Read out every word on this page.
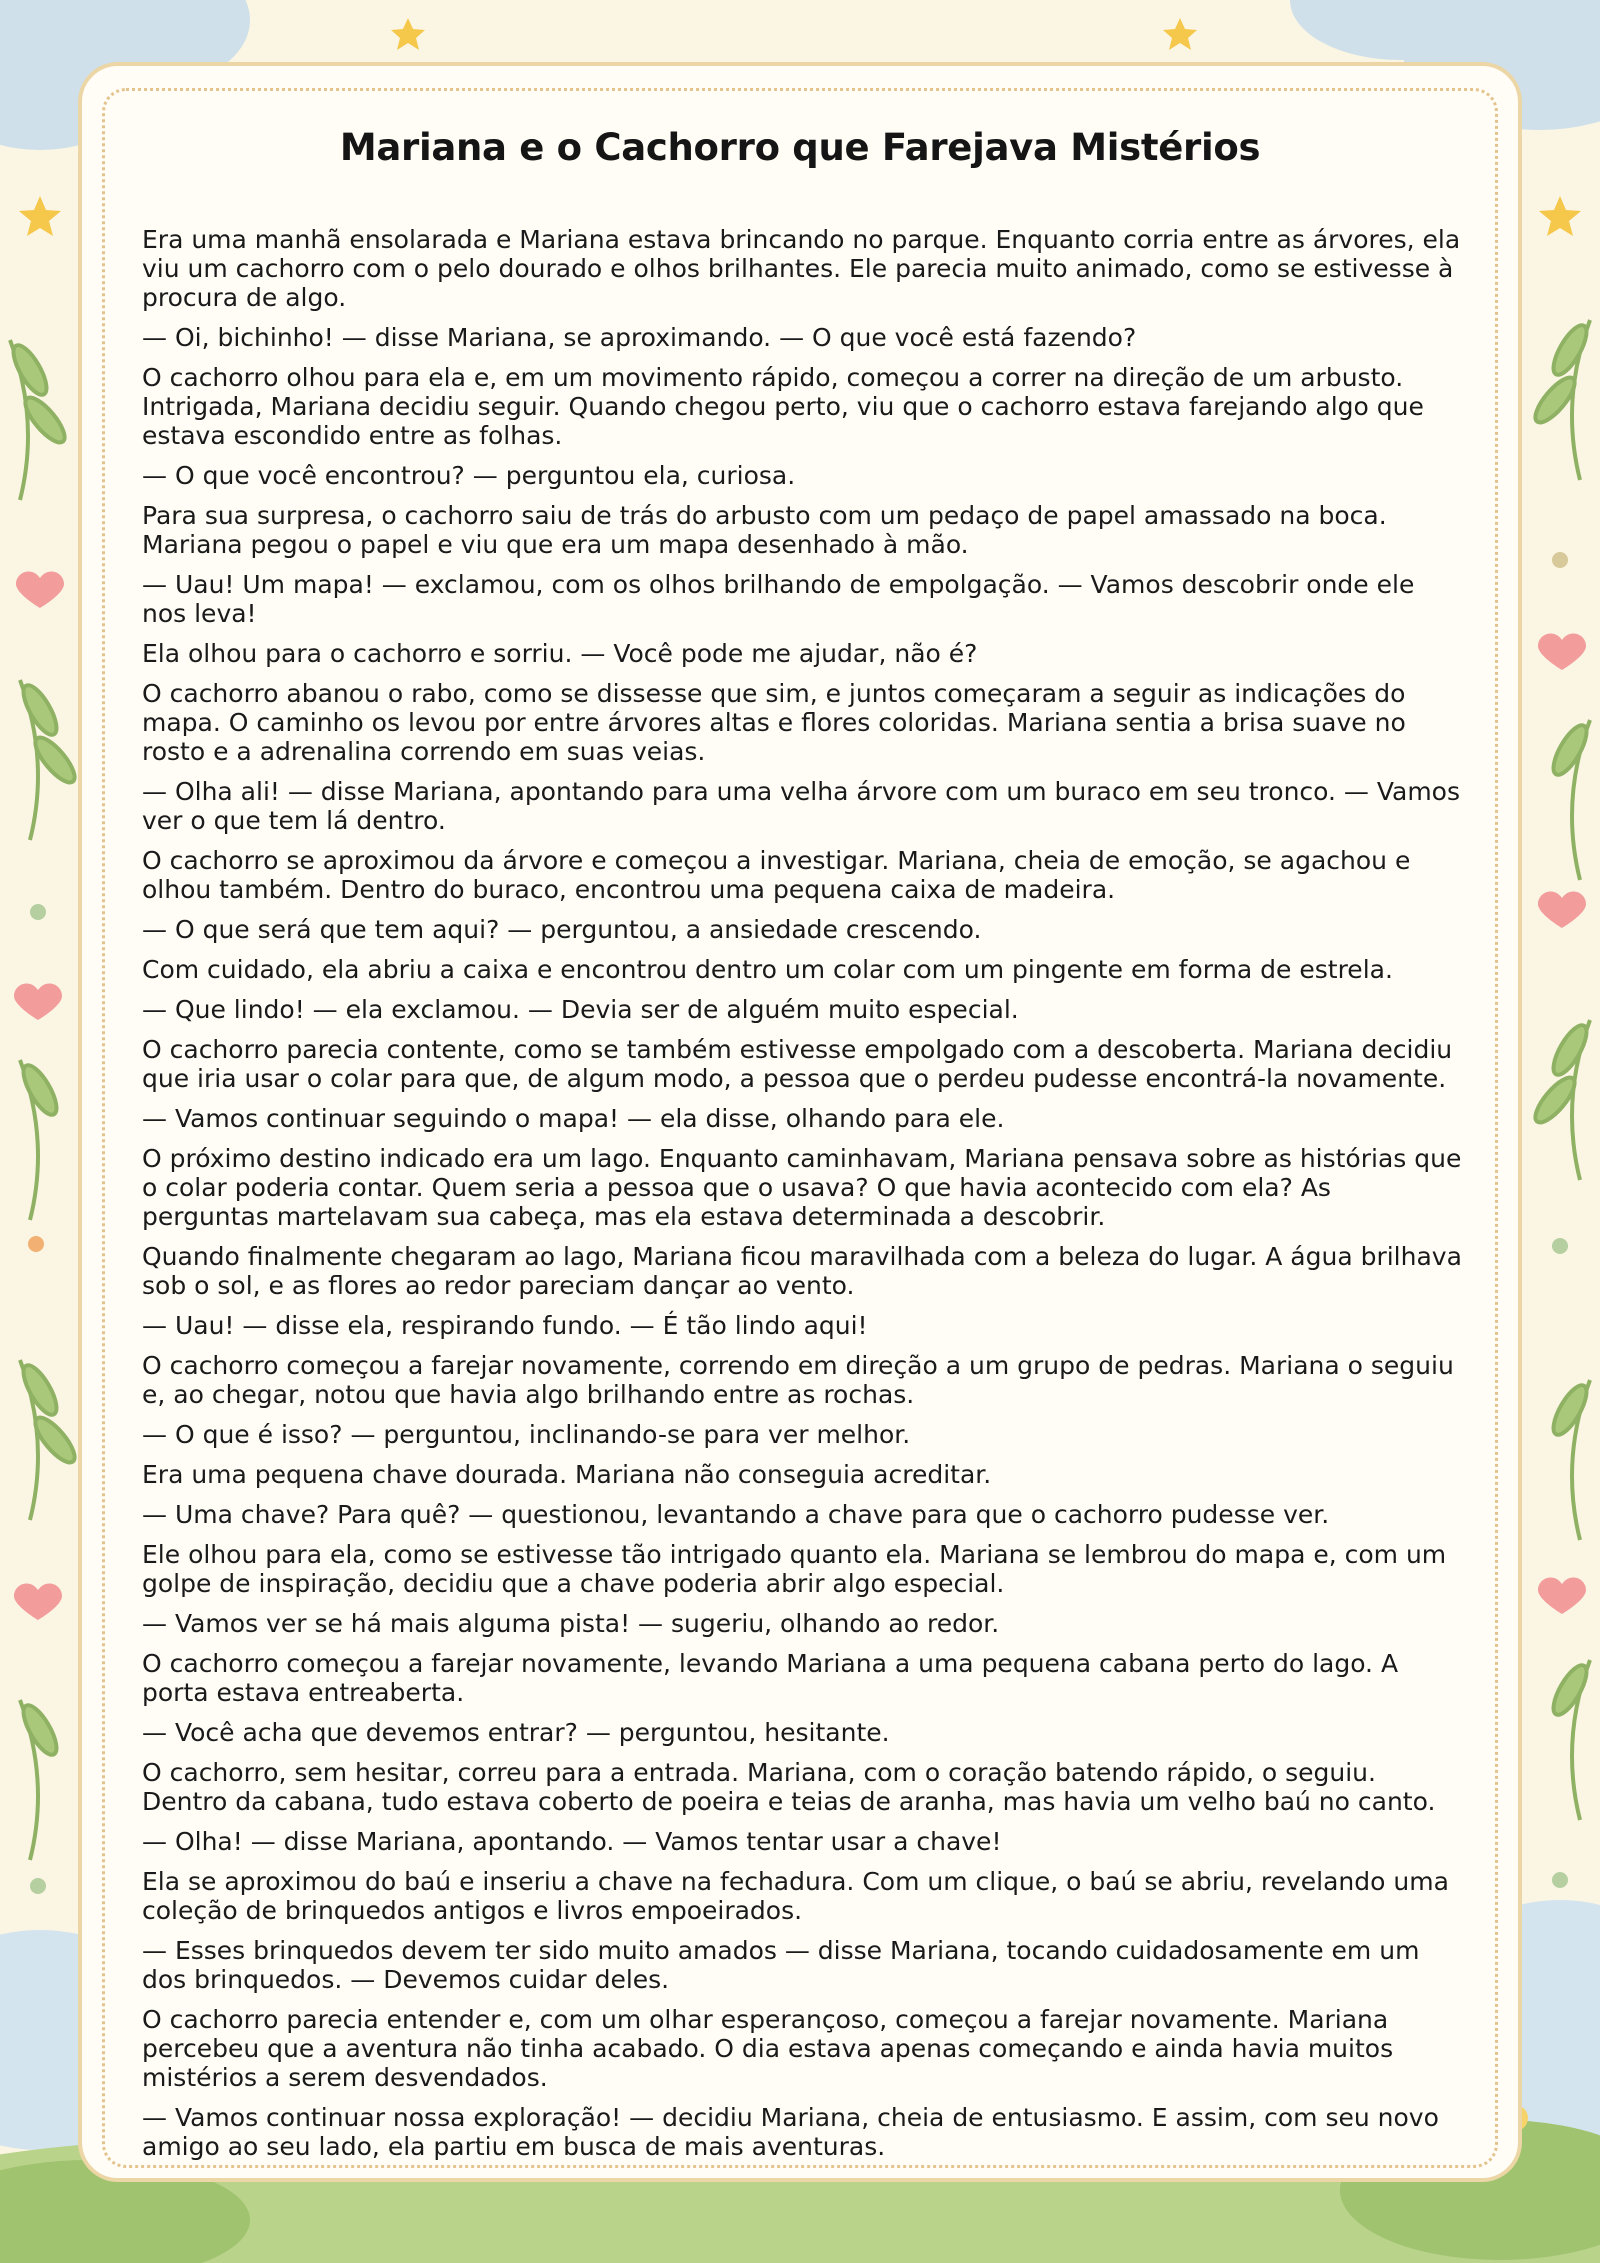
Mariana e o Cachorro que Farejava Mistérios

Era uma manhã ensolarada e Mariana estava brincando no parque. Enquanto corria entre as árvores, ela viu um cachorro com o pelo dourado e olhos brilhantes. Ele parecia muito animado, como se estivesse à procura de algo.

— Oi, bichinho! — disse Mariana, se aproximando. — O que você está fazendo?

O cachorro olhou para ela e, em um movimento rápido, começou a correr na direção de um arbusto. Intrigada, Mariana decidiu seguir. Quando chegou perto, viu que o cachorro estava farejando algo que estava escondido entre as folhas.

— O que você encontrou? — perguntou ela, curiosa.

Para sua surpresa, o cachorro saiu de trás do arbusto com um pedaço de papel amassado na boca. Mariana pegou o papel e viu que era um mapa desenhado à mão.

— Uau! Um mapa! — exclamou, com os olhos brilhando de empolgação. — Vamos descobrir onde ele nos leva!

Ela olhou para o cachorro e sorriu. — Você pode me ajudar, não é?

O cachorro abanou o rabo, como se dissesse que sim, e juntos começaram a seguir as indicações do mapa. O caminho os levou por entre árvores altas e flores coloridas. Mariana sentia a brisa suave no rosto e a adrenalina correndo em suas veias.

— Olha ali! — disse Mariana, apontando para uma velha árvore com um buraco em seu tronco. — Vamos ver o que tem lá dentro.

O cachorro se aproximou da árvore e começou a investigar. Mariana, cheia de emoção, se agachou e olhou também. Dentro do buraco, encontrou uma pequena caixa de madeira.

— O que será que tem aqui? — perguntou, a ansiedade crescendo.

Com cuidado, ela abriu a caixa e encontrou dentro um colar com um pingente em forma de estrela.

— Que lindo! — ela exclamou. — Devia ser de alguém muito especial.

O cachorro parecia contente, como se também estivesse empolgado com a descoberta. Mariana decidiu que iria usar o colar para que, de algum modo, a pessoa que o perdeu pudesse encontrá-la novamente.

— Vamos continuar seguindo o mapa! — ela disse, olhando para ele.

O próximo destino indicado era um lago. Enquanto caminhavam, Mariana pensava sobre as histórias que o colar poderia contar. Quem seria a pessoa que o usava? O que havia acontecido com ela? As perguntas martelavam sua cabeça, mas ela estava determinada a descobrir.

Quando finalmente chegaram ao lago, Mariana ficou maravilhada com a beleza do lugar. A água brilhava sob o sol, e as flores ao redor pareciam dançar ao vento.

— Uau! — disse ela, respirando fundo. — É tão lindo aqui!

O cachorro começou a farejar novamente, correndo em direção a um grupo de pedras. Mariana o seguiu e, ao chegar, notou que havia algo brilhando entre as rochas.

— O que é isso? — perguntou, inclinando-se para ver melhor.

Era uma pequena chave dourada. Mariana não conseguia acreditar.

— Uma chave? Para quê? — questionou, levantando a chave para que o cachorro pudesse ver.

Ele olhou para ela, como se estivesse tão intrigado quanto ela. Mariana se lembrou do mapa e, com um golpe de inspiração, decidiu que a chave poderia abrir algo especial.

— Vamos ver se há mais alguma pista! — sugeriu, olhando ao redor.

O cachorro começou a farejar novamente, levando Mariana a uma pequena cabana perto do lago. A porta estava entreaberta.

— Você acha que devemos entrar? — perguntou, hesitante.

O cachorro, sem hesitar, correu para a entrada. Mariana, com o coração batendo rápido, o seguiu. Dentro da cabana, tudo estava coberto de poeira e teias de aranha, mas havia um velho baú no canto.

— Olha! — disse Mariana, apontando. — Vamos tentar usar a chave!

Ela se aproximou do baú e inseriu a chave na fechadura. Com um clique, o baú se abriu, revelando uma coleção de brinquedos antigos e livros empoeirados.

— Esses brinquedos devem ter sido muito amados — disse Mariana, tocando cuidadosamente em um dos brinquedos. — Devemos cuidar deles.

O cachorro parecia entender e, com um olhar esperançoso, começou a farejar novamente. Mariana percebeu que a aventura não tinha acabado. O dia estava apenas começando e ainda havia muitos mistérios a serem desvendados.

— Vamos continuar nossa exploração! — decidiu Mariana, cheia de entusiasmo. E assim, com seu novo amigo ao seu lado, ela partiu em busca de mais aventuras.
